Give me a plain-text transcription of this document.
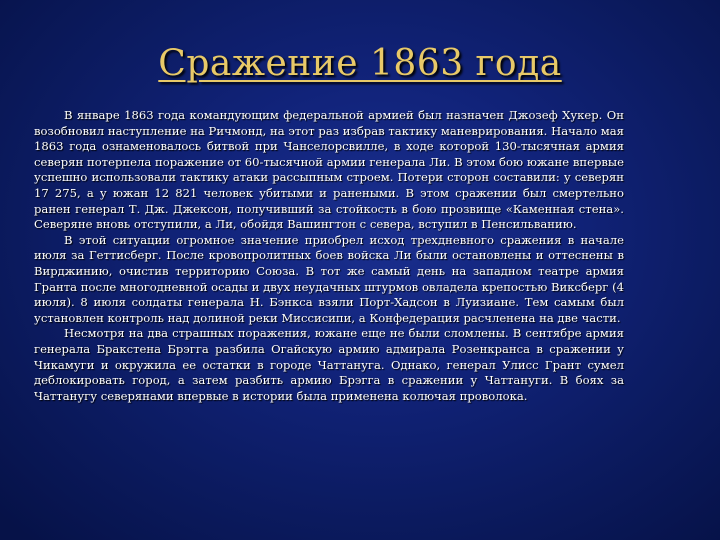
Сражение 1863 года

В январе 1863 года командующим федеральной армией был назначен Джозеф Хукер. Он возобновил наступление на Ричмонд, на этот раз избрав тактику маневрирования. Начало мая 1863 года ознаменовалось битвой при Чанселорсвилле, в ходе которой 130-тысячная армия северян потерпела поражение от 60-тысячной армии генерала Ли. В этом бою южане впервые успешно использовали тактику атаки рассыпным строем. Потери сторон составили: у северян 17 275, а у южан 12 821 человек убитыми и ранеными. В этом сражении был смертельно ранен генерал Т. Дж. Джексон, получивший за стойкость в бою прозвище «Каменная стена». Северяне вновь отступили, а Ли, обойдя Вашингтон с севера, вступил в Пенсильванию.

В этой ситуации огромное значение приобрел исход трехдневного сражения в начале июля за Геттисберг. После кровопролитных боев войска Ли были остановлены и оттеснены в Вирджинию, очистив территорию Союза. В тот же самый день на западном театре армия Гранта после многодневной осады и двух неудачных штурмов овладела крепостью Виксберг (4 июля). 8 июля солдаты генерала Н. Бэнкса взяли Порт-Хадсон в Луизиане. Тем самым был установлен контроль над долиной реки Миссисипи, а Конфедерация расчленена на две части.

Несмотря на два страшных поражения, южане еще не были сломлены. В сентябре армия генерала Бракстена Брэгга разбила Огайскую армию адмирала Розенкранса в сражении у Чикамуги и окружила ее остатки в городе Чаттануга. Однако, генерал Улисс Грант сумел деблокировать город, а затем разбить армию Брэгга в сражении у Чаттануги. В боях за Чаттанугу северянами впервые в истории была применена колючая проволока.
